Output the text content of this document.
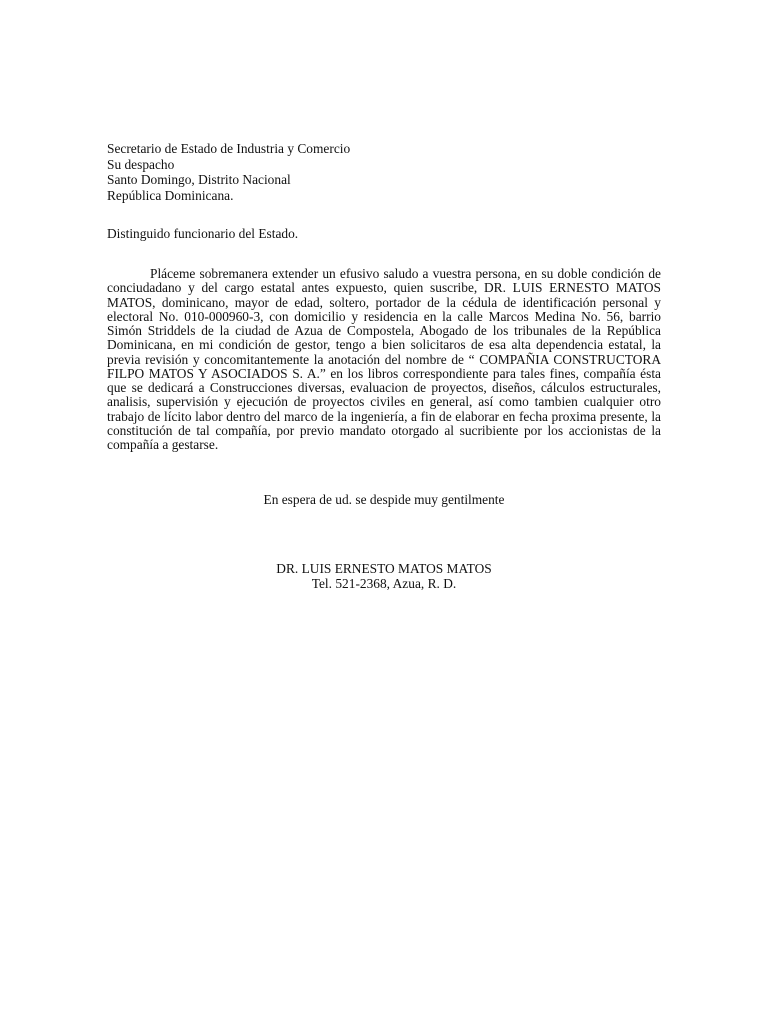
Secretario de Estado de Industria y Comercio
Su despacho
Santo Domingo, Distrito Nacional
República Dominicana.
Distinguido funcionario del Estado.

Pláceme sobremanera extender un efusivo saludo a vuestra persona, en su doble condición de conciudadano y del cargo estatal antes expuesto, quien suscribe, DR. LUIS ERNESTO MATOS MATOS, dominicano, mayor de edad, soltero, portador de la cédula de identificación personal y electoral No. 010-000960-3, con domicilio y residencia en la calle Marcos Medina No. 56, barrio Simón Striddels de la ciudad de Azua de Compostela, Abogado de los tribunales de la República Dominicana, en mi condición de gestor, tengo a bien solicitaros de esa alta dependencia estatal, la previa revisión y concomitantemente la anotación del nombre de “ COMPAÑIA CONSTRUCTORA FILPO MATOS Y ASOCIADOS S. A.” en los libros correspondiente para tales fines, compañía ésta que se dedicará a Construcciones diversas, evaluacion de proyectos, diseños, cálculos estructurales, analisis, supervisión y ejecución de proyectos civiles en general, así como tambien cualquier otro trabajo de lícito labor dentro del marco de la ingeniería, a fin de elaborar en fecha proxima presente, la constitución de tal compañía, por previo mandato otorgado al sucribiente por los accionistas de la compañía a gestarse.

En espera de ud. se despide muy gentilmente
DR. LUIS ERNESTO MATOS MATOS
Tel. 521-2368, Azua, R. D.
